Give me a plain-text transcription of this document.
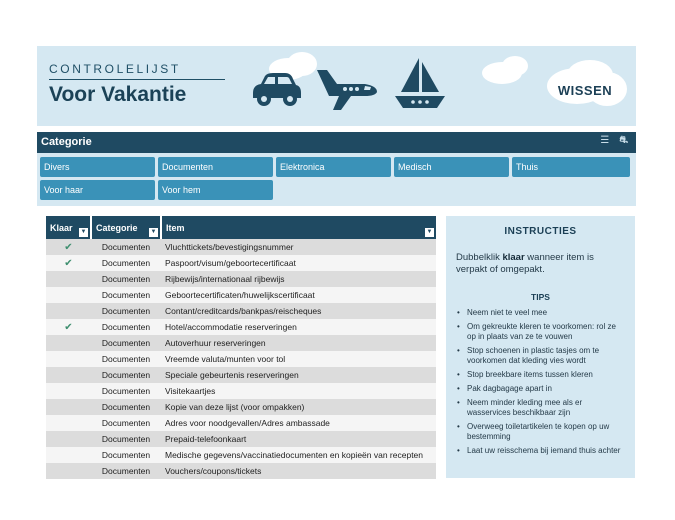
CONTROLELIJST
Voor Vakantie	WISSEN
Categorie	☰ ⛐
Divers	Documenten	Elektronica	Medisch	Thuis
Voor haar	Voor hem
Klaar ▼	Categorie ▼	Item ▼

✔	Documenten	Vluchttickets/bevestigingsnummer
✔	Documenten	Paspoort/visum/geboortecertificaat
	Documenten	Rijbewijs/internationaal rijbewijs
	Documenten	Geboortecertificaten/huwelijkscertificaat
	Documenten	Contant/creditcards/bankpas/reischeques
✔	Documenten	Hotel/accommodatie reserveringen
	Documenten	Autoverhuur reserveringen
	Documenten	Vreemde valuta/munten voor tol
	Documenten	Speciale gebeurtenis reserveringen
	Documenten	Visitekaartjes
	Documenten	Kopie van deze lijst (voor ompakken)
	Documenten	Adres voor noodgevallen/Adres ambassade
	Documenten	Prepaid-telefoonkaart
	Documenten	Medische gegevens/vaccinatiedocumenten en kopieën van recepten
	Documenten	Vouchers/coupons/tickets
INSTRUCTIES
Dubbelklik klaar wanneer item is verpakt of omgepakt.
TIPS
• Neem niet te veel mee
• Om gekreukte kleren te voorkomen: rol ze op in plaats van ze te vouwen
• Stop schoenen in plastic tasjes om te voorkomen dat kleding vies wordt
• Stop breekbare items tussen kleren
• Pak dagbagage apart in
• Neem minder kleding mee als er wasservices beschikbaar zijn
• Overweeg toiletartikelen te kopen op uw bestemming
• Laat uw reisschema bij iemand thuis achter
